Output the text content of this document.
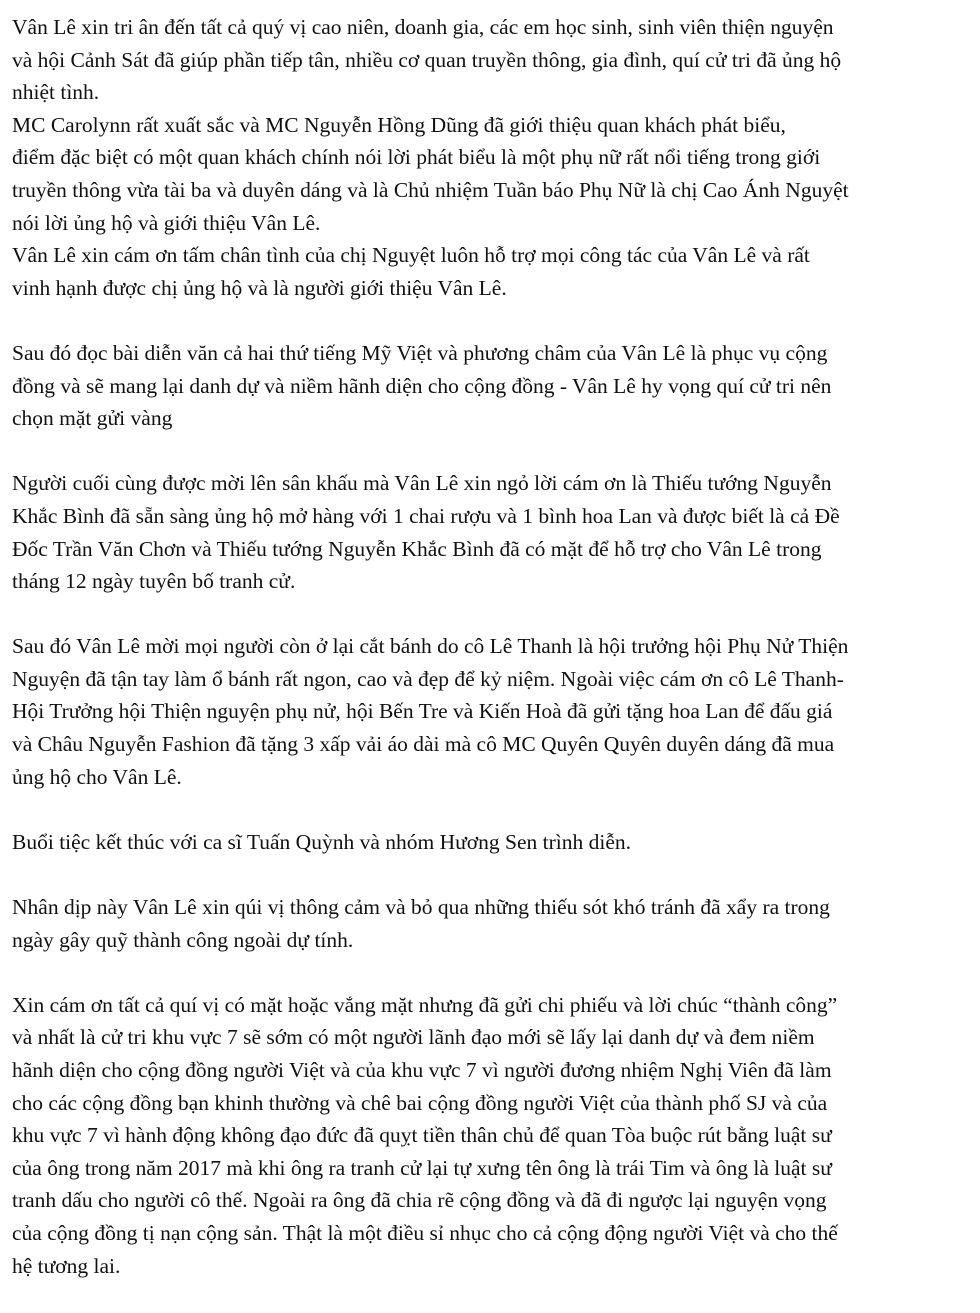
Vân Lê xin tri ân đến tất cả quý vị cao niên, doanh gia, các em học sinh, sinh viên thiện nguyện
và hội Cảnh Sát đã giúp phần tiếp tân, nhiều cơ quan truyền thông, gia đình, quí cử tri đã ủng hộ
nhiệt tình.
MC Carolynn rất xuất sắc và MC Nguyễn Hồng Dũng đã giới thiệu quan khách phát biểu,
điểm đặc biệt có một quan khách chính nói lời phát biểu là một phụ nữ rất nổi tiếng trong giới
truyền thông vừa tài ba và duyên dáng và là Chủ nhiệm Tuần báo Phụ Nữ là chị Cao Ánh Nguyệt
nói lời ủng hộ và giới thiệu Vân Lê.
Vân Lê xin cám ơn tấm chân tình của chị Nguyệt luôn hỗ trợ mọi công tác của Vân Lê và rất
vinh hạnh được chị ủng hộ và là người giới thiệu Vân Lê.
Sau đó đọc bài diễn văn cả hai thứ tiếng Mỹ Việt và phương châm của Vân Lê là phục vụ cộng
đồng và sẽ mang lại danh dự và niềm hãnh diện cho cộng đồng - Vân Lê hy vọng quí cử tri nên
chọn mặt gửi vàng
Người cuối cùng được mời lên sân khấu mà Vân Lê xin ngỏ lời cám ơn là Thiếu tướng Nguyễn
Khắc Bình đã sẵn sàng ủng hộ mở hàng với 1 chai rượu và 1 bình hoa Lan và được biết là cả Đề
Đốc Trần Văn Chơn và Thiếu tướng Nguyễn Khắc Bình đã có mặt để hỗ trợ cho Vân Lê trong
tháng 12 ngày tuyên bố tranh cử.
Sau đó Vân Lê mời mọi người còn ở lại cắt bánh do cô Lê Thanh là hội trưởng hội Phụ Nử Thiện
Nguyện đã tận tay làm ổ bánh rất ngon, cao và đẹp để kỷ niệm. Ngoài việc cám ơn cô Lê Thanh-
Hội Trưởng hội Thiện nguyện phụ nử, hội Bến Tre và Kiến Hoà đã gửi tặng hoa Lan để đấu giá
và Châu Nguyễn Fashion đã tặng 3 xấp vải áo dài mà cô MC Quyên Quyên duyên dáng đã mua
ủng hộ cho Vân Lê.
Buổi tiệc kết thúc với ca sĩ Tuấn Quỳnh và nhóm Hương Sen trình diễn.
Nhân dịp này Vân Lê xin qúi vị thông cảm và bỏ qua những thiếu sót khó tránh đã xẩy ra trong
ngày gây quỹ thành công ngoài dự tính.
Xin cám ơn tất cả quí vị có mặt hoặc vắng mặt nhưng đã gửi chi phiếu và lời chúc “thành công”
và nhất là cử tri khu vực 7 sẽ sớm có một người lãnh đạo mới sẽ lấy lại danh dự và đem niềm
hãnh diện cho cộng đồng người Việt và của khu vực 7 vì người đương nhiệm Nghị Viên đã làm
cho các cộng đồng bạn khinh thường và chê bai cộng đồng người Việt của thành phố SJ và của
khu vực 7 vì hành động không đạo đức đã quỵt tiền thân chủ để quan Tòa buộc rút bằng luật sư
của ông trong năm 2017 mà khi ông ra tranh cử lại tự xưng tên ông là trái Tim và ông là luật sư
tranh dấu cho người cô thế. Ngoài ra ông đã chia rẽ cộng đồng và đã đi ngược lại nguyện vọng
của cộng đồng tị nạn cộng sản. Thật là một điều sỉ nhục cho cả cộng động người Việt và cho thế
hệ tương lai.
